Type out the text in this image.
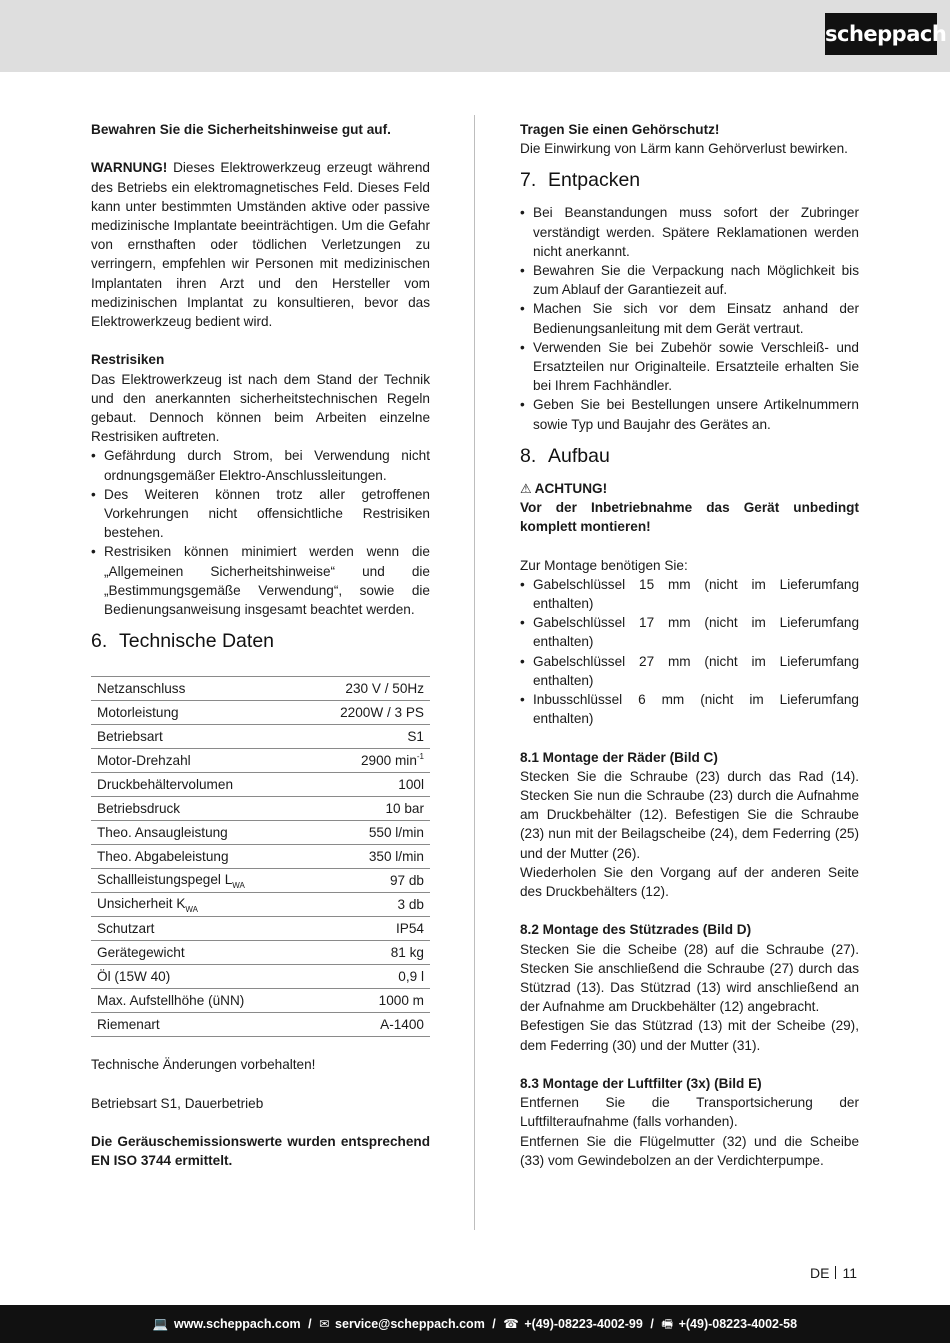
scheppach

Bewahren Sie die Sicherheitshinweise gut auf.

WARNUNG! Dieses Elektrowerkzeug erzeugt während des Betriebs ein elektromagnetisches Feld. Dieses Feld kann unter bestimmten Umständen aktive oder passive medizinische Implantate beeinträchtigen. Um die Gefahr von ernsthaften oder tödlichen Verletzungen zu verringern, empfehlen wir Personen mit medizinischen Implantaten ihren Arzt und den Hersteller vom medizinischen Implantat zu konsultieren, bevor das Elektrowerkzeug bedient wird.

Restrisiken

Das Elektrowerkzeug ist nach dem Stand der Technik und den anerkannten sicherheitstechnischen Regeln gebaut. Dennoch können beim Arbeiten einzelne Restrisiken auftreten.

• Gefährdung durch Strom, bei Verwendung nicht ordnungsgemäßer Elektro-Anschlussleitungen.
• Des Weiteren können trotz aller getroffenen Vorkehrungen nicht offensichtliche Restrisiken bestehen.
• Restrisiken können minimiert werden wenn die „Allgemeinen Sicherheitshinweise“ und die „Bestimmungsgemäße Verwendung“, sowie die Bedienungsanweisung insgesamt beachtet werden.
6. Technische Daten
Netzanschluss	230 V / 50Hz
Motorleistung	2200W / 3 PS
Betriebsart	S1
Motor-Drehzahl	2900 min-1
Druckbehältervolumen	100l
Betriebsdruck	10 bar
Theo. Ansaugleistung	550 l/min
Theo. Abgabeleistung	350 l/min
Schallleistungspegel LWA	97 db
Unsicherheit KWA	3 db
Schutzart	IP54
Gerätegewicht	81 kg
Öl (15W 40)	0,9 l
Max. Aufstellhöhe (üNN)	1000 m
Riemenart	A-1400

Technische Änderungen vorbehalten!

Betriebsart S1, Dauerbetrieb

Die Geräuschemissionswerte wurden entsprechend EN ISO 3744 ermittelt.

Tragen Sie einen Gehörschutz!

Die Einwirkung von Lärm kann Gehörverlust bewirken.

7. Entpacken
• Bei Beanstandungen muss sofort der Zubringer verständigt werden. Spätere Reklamationen werden nicht anerkannt.
• Bewahren Sie die Verpackung nach Möglichkeit bis zum Ablauf der Garantiezeit auf.
• Machen Sie sich vor dem Einsatz anhand der Bedienungsanleitung mit dem Gerät vertraut.
• Verwenden Sie bei Zubehör sowie Verschleiß- und Ersatzteilen nur Originalteile. Ersatzteile erhalten Sie bei Ihrem Fachhändler.
• Geben Sie bei Bestellungen unsere Artikelnummern sowie Typ und Baujahr des Gerätes an.
8. Aufbau

⚠ ACHTUNG!

Vor der Inbetriebnahme das Gerät unbedingt komplett montieren!

Zur Montage benötigen Sie:

• Gabelschlüssel 15 mm (nicht im Lieferumfang enthalten)
• Gabelschlüssel 17 mm (nicht im Lieferumfang enthalten)
• Gabelschlüssel 27 mm (nicht im Lieferumfang enthalten)
• Inbusschlüssel 6 mm (nicht im Lieferumfang enthalten)

8.1 Montage der Räder (Bild C)

Stecken Sie die Schraube (23) durch das Rad (14). Stecken Sie nun die Schraube (23) durch die Aufnahme am Druckbehälter (12). Befestigen Sie die Schraube (23) nun mit der Beilagscheibe (24), dem Federring (25) und der Mutter (26).

Wiederholen Sie den Vorgang auf der anderen Seite des Druckbehälters (12).

8.2 Montage des Stützrades (Bild D)

Stecken Sie die Scheibe (28) auf die Schraube (27). Stecken Sie anschließend die Schraube (27) durch das Stützrad (13). Das Stützrad (13) wird anschließend an der Aufnahme am Druckbehälter (12) angebracht.

Befestigen Sie das Stützrad (13) mit der Scheibe (29), dem Federring (30) und der Mutter (31).

8.3 Montage der Luftfilter (3x) (Bild E)

Entfernen Sie die Transportsicherung der Luftfilteraufnahme (falls vorhanden).

Entfernen Sie die Flügelmutter (32) und die Scheibe (33) vom Gewindebolzen an der Verdichterpumpe.

DE 11
💻 www.scheppach.com / ✉ service@scheppach.com / ☎ +(49)-08223-4002-99 / 🖷 +(49)-08223-4002-58
